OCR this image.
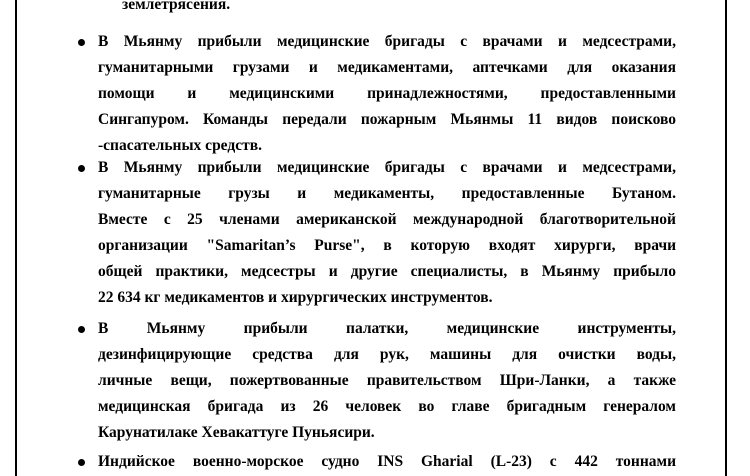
землетрясения.
В Мьянму прибыли медицинские бригады с врачами и медсестрами,
гуманитарными грузами и медикаментами, аптечками для оказания
помощи и медицинскими принадлежностями, предоставленными
Сингапуром. Команды передали пожарным Мьянмы 11 видов поисково
-спасательных средств.
В Мьянму прибыли медицинские бригады с врачами и медсестрами,
гуманитарные грузы и медикаменты, предоставленные Бутаном.
Вместе с 25 членами американской международной благотворительной
организации "Samaritan’s Purse", в которую входят хирурги, врачи
общей практики, медсестры и другие специалисты, в Мьянму прибыло
22 634 кг медикаментов и хирургических инструментов.
В Мьянму прибыли палатки, медицинские инструменты,
дезинфицирующие средства для рук, машины для очистки воды,
личные вещи, пожертвованные правительством Шри-Ланки, а также
медицинская бригада из 26 человек во главе бригадным генералом
Карунатилаке Хевакаттуге Пуньясири.
Индийское военно-морское судно INS Gharial (L-23) с 442 тоннами
